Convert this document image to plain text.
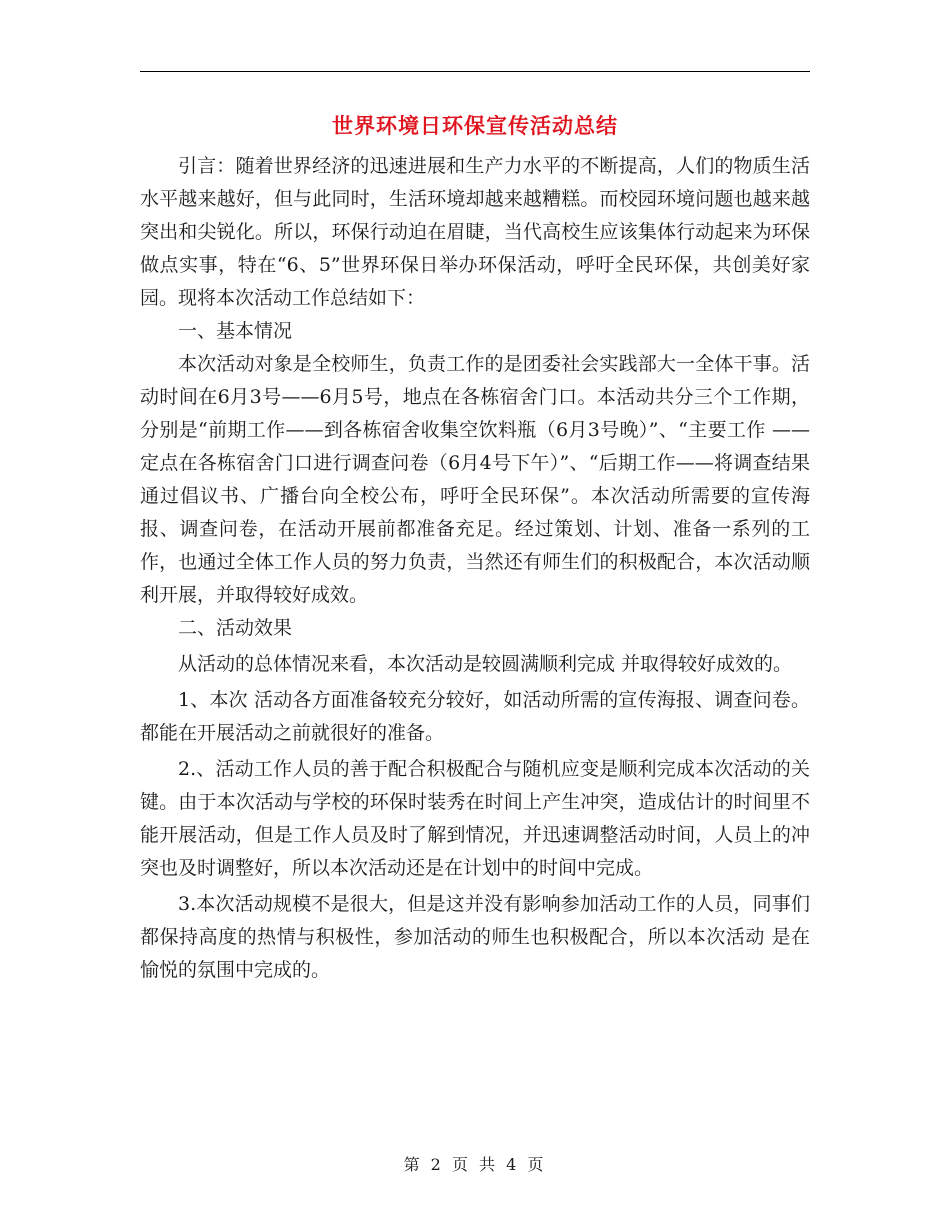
世界环境日环保宣传活动总结

引言：随着世界经济的迅速进展和生产力水平的不断提高，人们的物质生活水平越来越好，但与此同时，生活环境却越来越糟糕。而校园环境问题也越来越突出和尖锐化。所以，环保行动迫在眉睫，当代高校生应该集体行动起来为环保做点实事，特在“6、5”世界环保日举办环保活动，呼吁全民环保，共创美好家园。现将本次活动工作总结如下：

一、基本情况

本次活动对象是全校师生，负责工作的是团委社会实践部大一全体干事。活动时间在6月3号——6月5号，地点在各栋宿舍门口。本活动共分三个工作期，分别是“前期工作——到各栋宿舍收集空饮料瓶（6月3号晚）”、“主要工作 ——定点在各栋宿舍门口进行调查问卷（6月4号下午）”、“后期工作——将调查结果通过倡议书、广播台向全校公布，呼吁全民环保”。本次活动所需要的宣传海报、调查问卷，在活动开展前都准备充足。经过策划、计划、准备一系列的工作，也通过全体工作人员的努力负责，当然还有师生们的积极配合，本次活动顺利开展，并取得较好成效。

二、活动效果

从活动的总体情况来看，本次活动是较圆满顺利完成 并取得较好成效的。

1、本次 活动各方面准备较充分较好，如活动所需的宣传海报、调查问卷。都能在开展活动之前就很好的准备。

2.、活动工作人员的善于配合积极配合与随机应变是顺利完成本次活动的关键。由于本次活动与学校的环保时装秀在时间上产生冲突，造成估计的时间里不能开展活动，但是工作人员及时了解到情况，并迅速调整活动时间，人员上的冲突也及时调整好，所以本次活动还是在计划中的时间中完成。

3.本次活动规模不是很大，但是这并没有影响参加活动工作的人员，同事们都保持高度的热情与积极性，参加活动的师生也积极配合，所以本次活动 是在愉悦的氛围中完成的。

第 2 页 共 4 页
